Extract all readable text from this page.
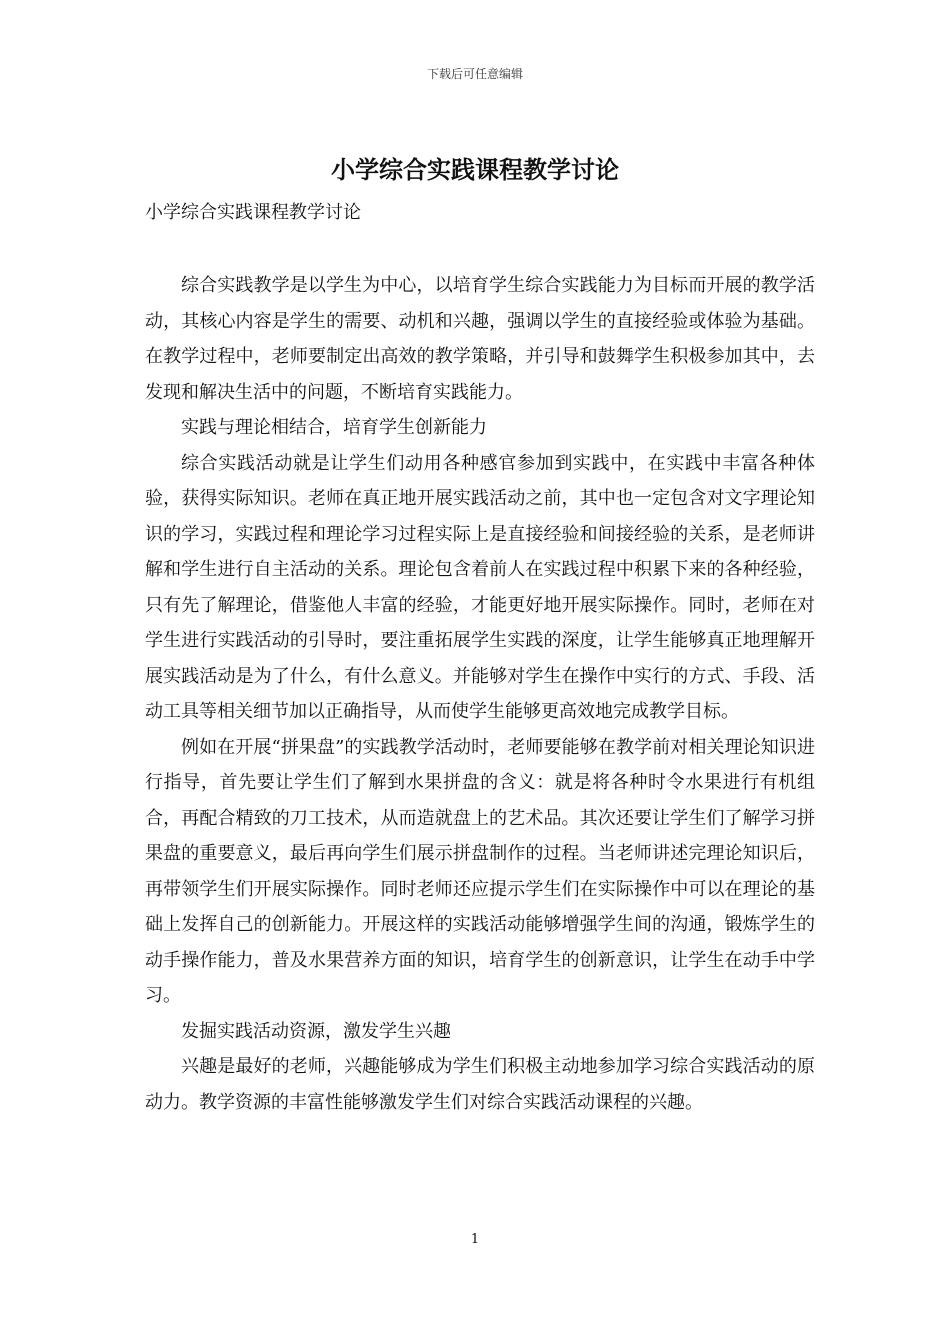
下载后可任意编辑
小学综合实践课程教学讨论

小学综合实践课程教学讨论

综合实践教学是以学生为中心，以培育学生综合实践能力为目标而开展的教学活动，其核心内容是学生的需要、动机和兴趣，强调以学生的直接经验或体验为基础。在教学过程中，老师要制定出高效的教学策略，并引导和鼓舞学生积极参加其中，去发现和解决生活中的问题，不断培育实践能力。

实践与理论相结合，培育学生创新能力

综合实践活动就是让学生们动用各种感官参加到实践中，在实践中丰富各种体验，获得实际知识。老师在真正地开展实践活动之前，其中也一定包含对文字理论知识的学习，实践过程和理论学习过程实际上是直接经验和间接经验的关系，是老师讲解和学生进行自主活动的关系。理论包含着前人在实践过程中积累下来的各种经验，只有先了解理论，借鉴他人丰富的经验，才能更好地开展实际操作。同时，老师在对学生进行实践活动的引导时，要注重拓展学生实践的深度，让学生能够真正地理解开展实践活动是为了什么，有什么意义。并能够对学生在操作中实行的方式、手段、活动工具等相关细节加以正确指导，从而使学生能够更高效地完成教学目标。

例如在开展“拼果盘”的实践教学活动时，老师要能够在教学前对相关理论知识进行指导，首先要让学生们了解到水果拼盘的含义：就是将各种时令水果进行有机组合，再配合精致的刀工技术，从而造就盘上的艺术品。其次还要让学生们了解学习拼果盘的重要意义，最后再向学生们展示拼盘制作的过程。当老师讲述完理论知识后，再带领学生们开展实际操作。同时老师还应提示学生们在实际操作中可以在理论的基础上发挥自己的创新能力。开展这样的实践活动能够增强学生间的沟通，锻炼学生的动手操作能力，普及水果营养方面的知识，培育学生的创新意识，让学生在动手中学习。

发掘实践活动资源，激发学生兴趣

兴趣是最好的老师，兴趣能够成为学生们积极主动地参加学习综合实践活动的原动力。教学资源的丰富性能够激发学生们对综合实践活动课程的兴趣。

1
